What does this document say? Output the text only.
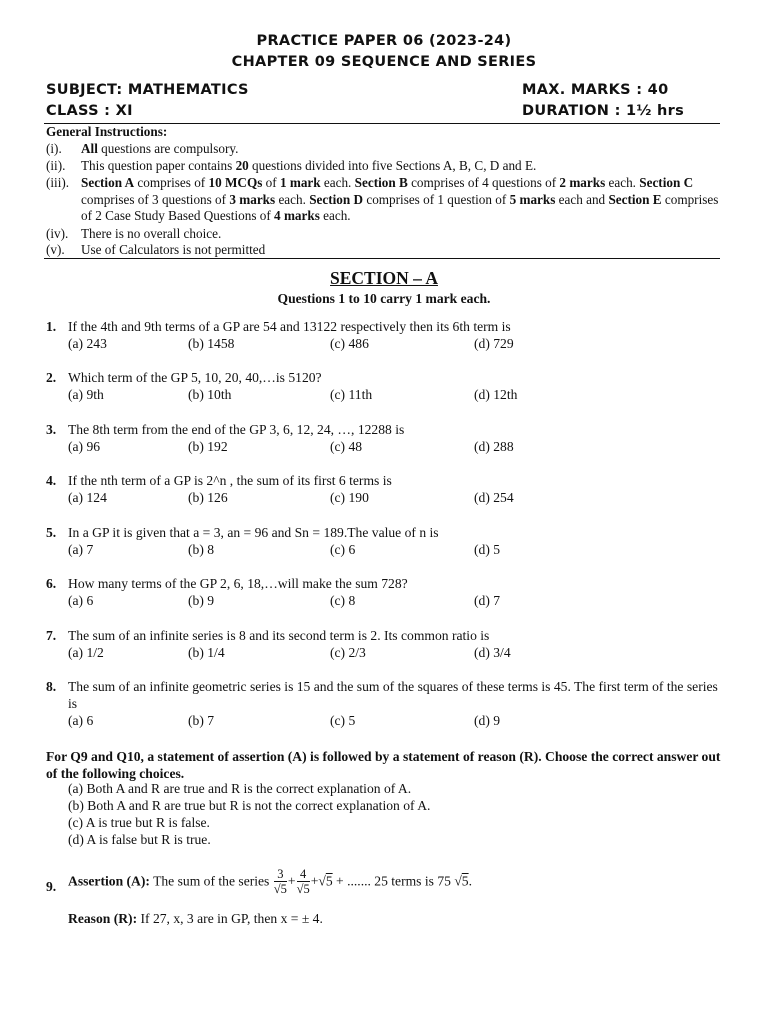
PRACTICE PAPER 06 (2023-24)
CHAPTER 09 SEQUENCE AND SERIES
SUBJECT: MATHEMATICS	MAX. MARKS : 40
CLASS : XI	DURATION : 1½ hrs
General Instructions:
(i). All questions are compulsory.
(ii). This question paper contains 20 questions divided into five Sections A, B, C, D and E.
(iii). Section A comprises of 10 MCQs of 1 mark each. Section B comprises of 4 questions of 2 marks each. Section C comprises of 3 questions of 3 marks each. Section D comprises of 1 question of 5 marks each and Section E comprises of 2 Case Study Based Questions of 4 marks each.
(iv). There is no overall choice.
(v). Use of Calculators is not permitted
SECTION – A
Questions 1 to 10 carry 1 mark each.
1. If the 4th and 9th terms of a GP are 54 and 13122 respectively then its 6th term is
(a) 243	(b) 1458	(c) 486	(d) 729
2. Which term of the GP 5, 10, 20, 40,…is 5120?
(a) 9th	(b) 10th	(c) 11th	(d) 12th
3. The 8th term from the end of the GP 3, 6, 12, 24, …, 12288 is
(a) 96	(b) 192	(c) 48	(d) 288
4. If the nth term of a GP is 2^n , the sum of its first 6 terms is
(a) 124	(b) 126	(c) 190	(d) 254
5. In a GP it is given that a = 3, an = 96 and Sn = 189.The value of n is
(a) 7	(b) 8	(c) 6	(d) 5
6. How many terms of the GP 2, 6, 18,…will make the sum 728?
(a) 6	(b) 9	(c) 8	(d) 7
7. The sum of an infinite series is 8 and its second term is 2. Its common ratio is
(a) 1/2	(b) 1/4	(c) 2/3	(d) 3/4
8. The sum of an infinite geometric series is 15 and the sum of the squares of these terms is 45. The first term of the series is
(a) 6	(b) 7	(c) 5	(d) 9
For Q9 and Q10, a statement of assertion (A) is followed by a statement of reason (R). Choose the correct answer out of the following choices.
(a) Both A and R are true and R is the correct explanation of A.
(b) Both A and R are true but R is not the correct explanation of A.
(c) A is true but R is false.
(d) A is false but R is true.
9. Assertion (A): The sum of the series $\frac{3}{√5} + \frac{4}{√5} +√5$ + ....... 25 terms is 75 √5.
Reason (R): If 27, x, 3 are in GP, then x = ± 4.
